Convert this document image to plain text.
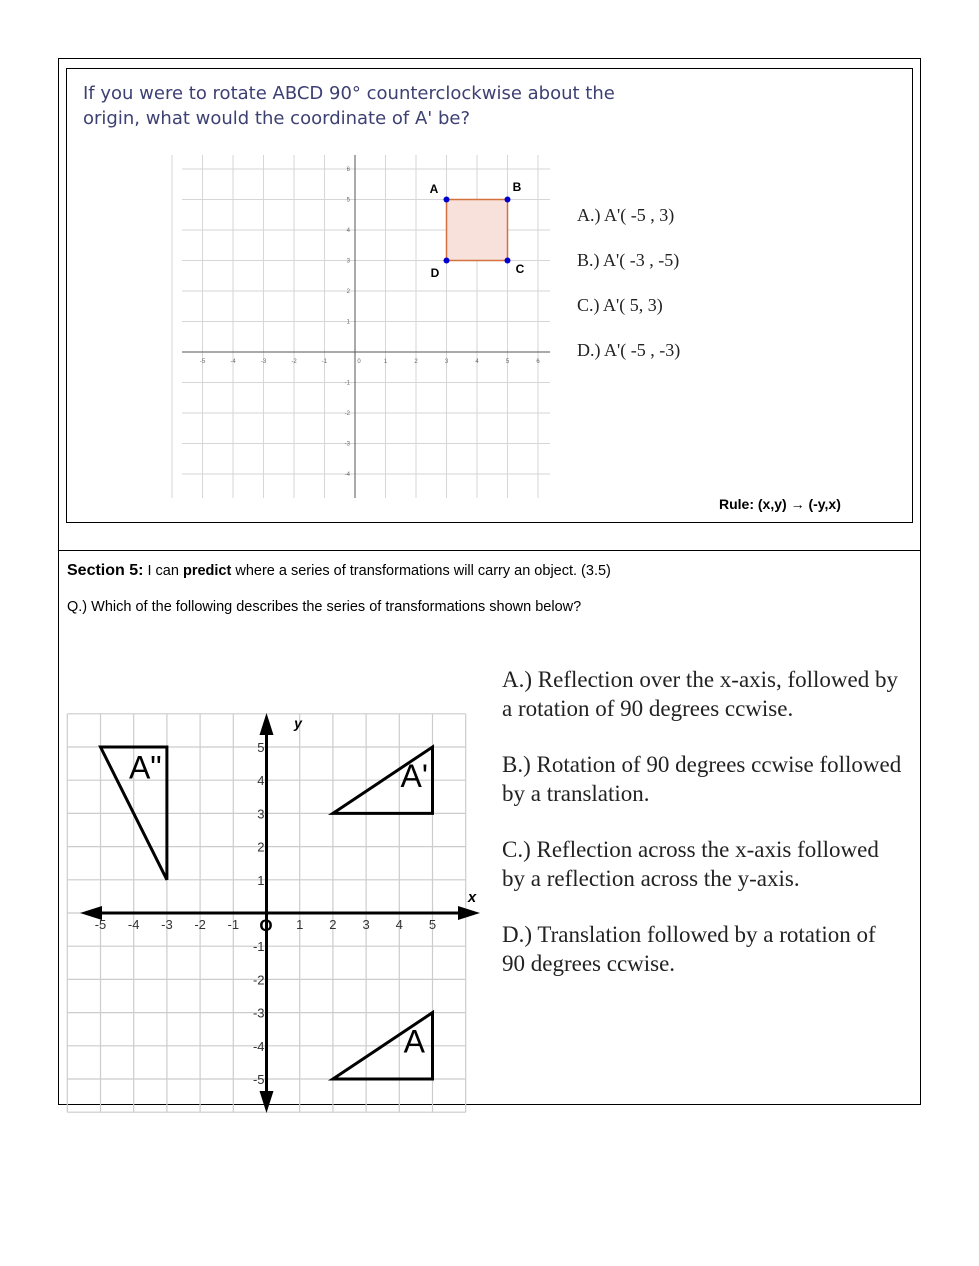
If you were to rotate ABCD 90° counterclockwise about the origin, what would the coordinate of A' be?
-5	-4	-3	-2	-1	0	1	2	3	4	5	6
6
5
4
3
2
1
-1
-2
-3
-4
A	B
C
D
A.) A'( -5 , 3)
B.) A'( -3 , -5)
C.) A'( 5, 3)
D.) A'( -5 , -3)
Rule: (x,y) → (-y,x)
Section 5: I can predict where a series of transformations will carry an object. (3.5)
Q.) Which of the following describes the series of transformations shown below?
-5 -4 -3 -2 -1	1 2 3 4 5
5
4
3
2
1
-1
-2
-3
-4
-5
O
x
y
A
A'
A"
A.) Reflection over the x-axis, followed by a rotation of 90 degrees ccwise.
B.) Rotation of 90 degrees ccwise followed by a translation.
C.) Reflection across the x-axis followed by a reflection across the y-axis.
D.) Translation followed by a rotation of 90 degrees ccwise.
